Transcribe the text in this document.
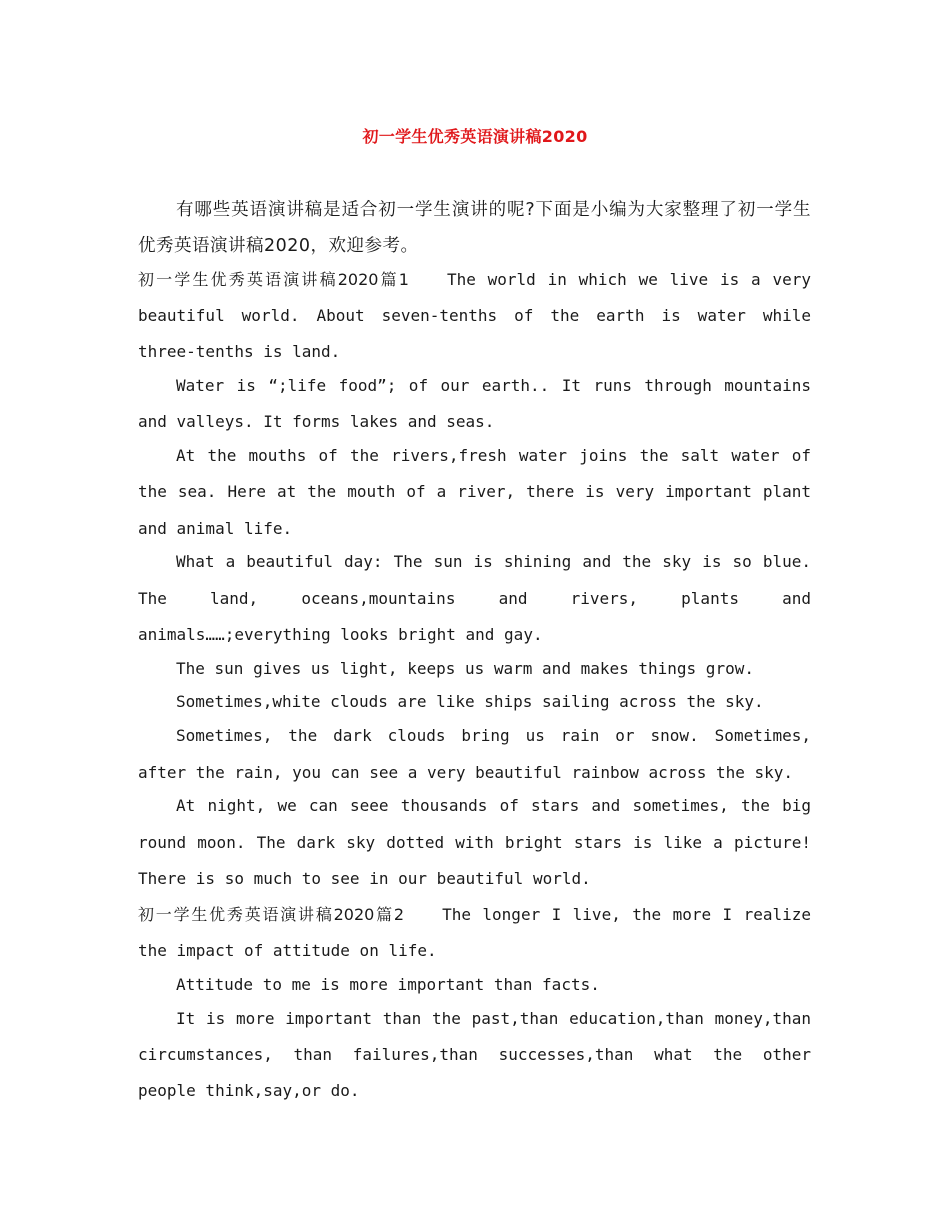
初一学生优秀英语演讲稿2020

有哪些英语演讲稿是适合初一学生演讲的呢?下面是小编为大家整理了初一学生优秀英语演讲稿2020，欢迎参考。

初一学生优秀英语演讲稿2020篇1 The world in which we live is a very beautiful world. About seven-tenths of the earth is water while three-tenths is land.

Water is “;life food”; of our earth.. It runs through mountains and valleys. It forms lakes and seas.

At the mouths of the rivers,fresh water joins the salt water of the sea. Here at the mouth of a river, there is very important plant and animal life.

What a beautiful day: The sun is shining and the sky is so blue. The land, oceans,mountains and rivers, plants and animals……;everything looks bright and gay.

The sun gives us light, keeps us warm and makes things grow.

Sometimes,white clouds are like ships sailing across the sky.

Sometimes, the dark clouds bring us rain or snow. Sometimes, after the rain, you can see a very beautiful rainbow across the sky.

At night, we can seee thousands of stars and sometimes, the big round moon. The dark sky dotted with bright stars is like a picture! There is so much to see in our beautiful world.

初一学生优秀英语演讲稿2020篇2 The longer I live, the more I realize the impact of attitude on life.

Attitude to me is more important than facts.

It is more important than the past,than education,than money,than circumstances, than failures,than successes,than what the other people think,say,or do.
